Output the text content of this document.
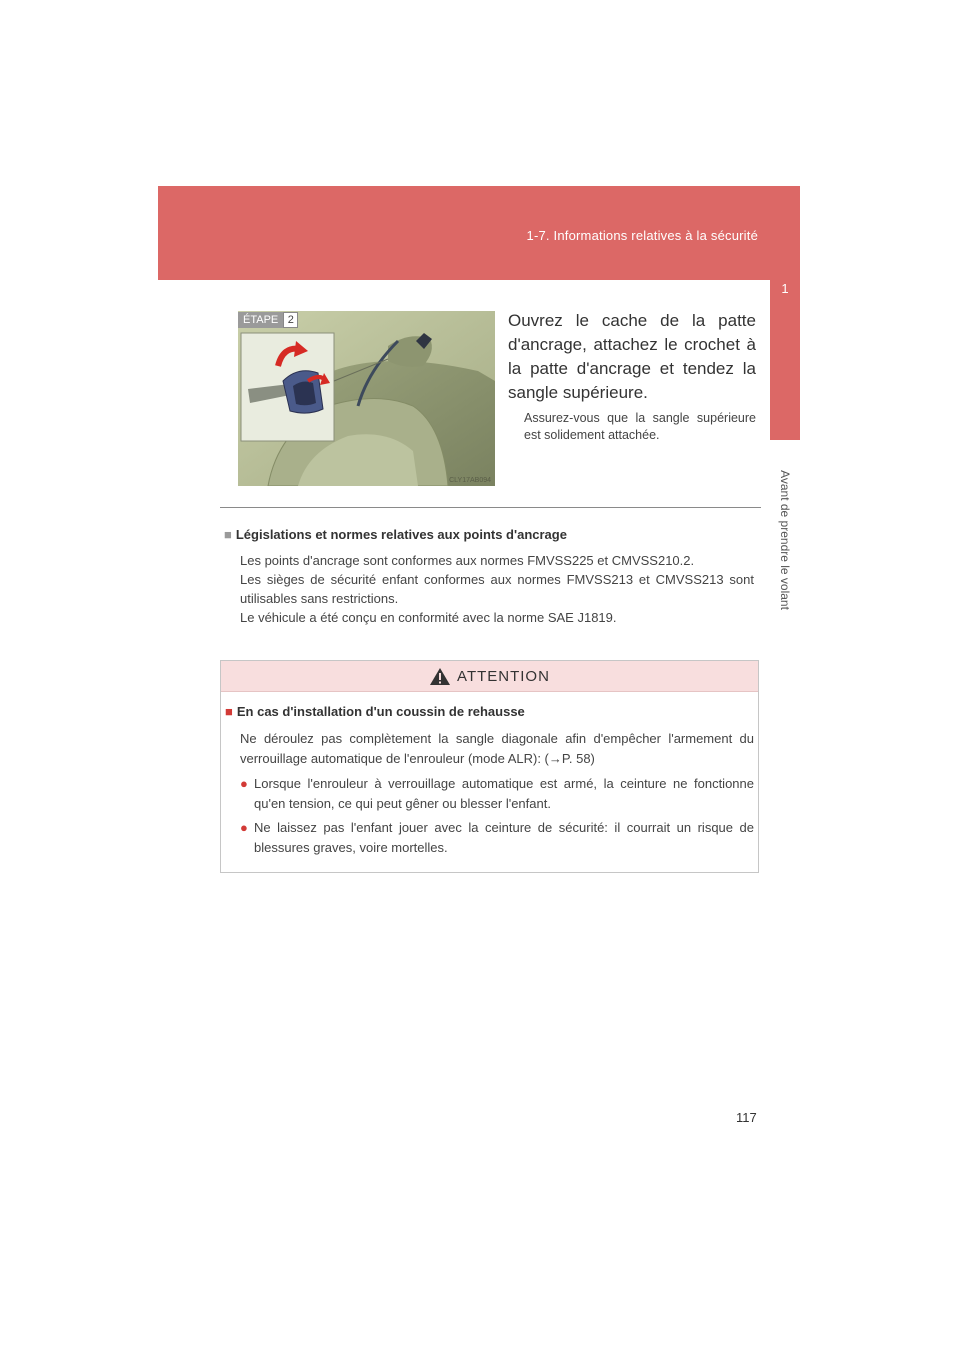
1-7. Informations relatives à la sécurité
1
Avant de prendre le volant
ÉTAPE 2
CLY17AB094
Ouvrez le cache de la patte d'ancrage, attachez le crochet à la patte d'ancrage et tendez la sangle supérieure.
Assurez-vous que la sangle supérieure est solidement attachée.
■ Législations et normes relatives aux points d'ancrage

Les points d'ancrage sont conformes aux normes FMVSS225 et CMVSS210.2.

Les sièges de sécurité enfant conformes aux normes FMVSS213 et CMVSS213 sont utilisables sans restrictions.

Le véhicule a été conçu en conformité avec la norme SAE J1819.

ATTENTION
■ En cas d'installation d'un coussin de rehausse
Ne déroulez pas complètement la sangle diagonale afin d'empêcher l'armement du verrouillage automatique de l'enrouleur (mode ALR): (→P. 58)
● Lorsque l'enrouleur à verrouillage automatique est armé, la ceinture ne fonctionne qu'en tension, ce qui peut gêner ou blesser l'enfant.
● Ne laissez pas l'enfant jouer avec la ceinture de sécurité: il courrait un risque de blessures graves, voire mortelles.
117
